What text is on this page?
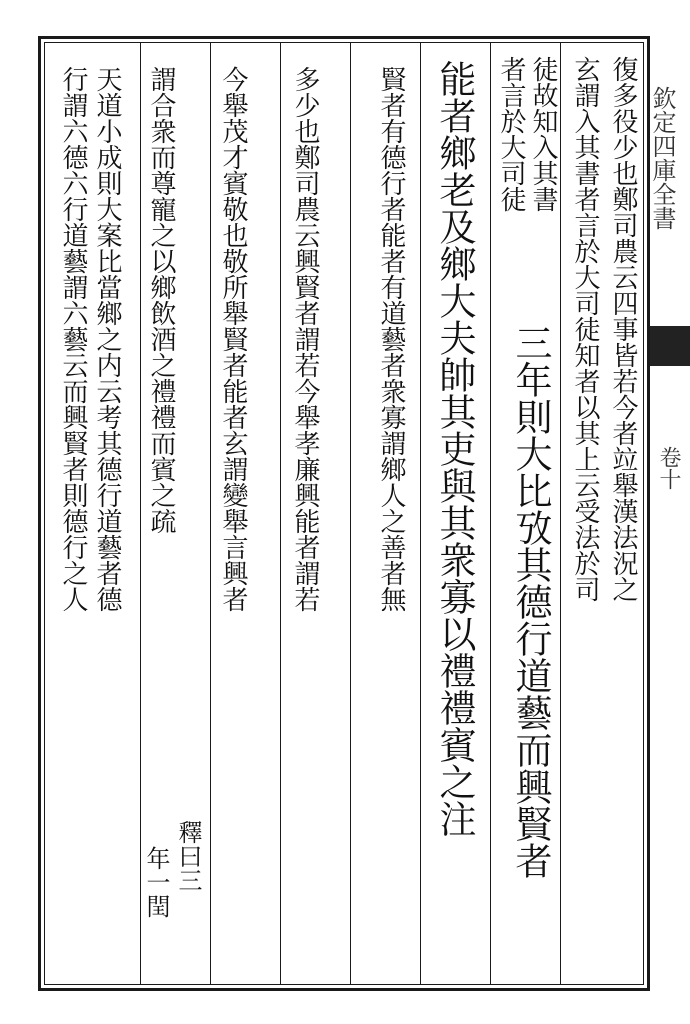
欽定四庫全書
卷十
復多役少也鄭司農云四事皆若今者竝舉漢法況之
玄謂入其書者言於大司徒知者以其上云受法於司
徒故知入其書
者言於大司徒
三年則大比攷其德行道藝而興賢者
能者鄉老及鄉大夫帥其吏與其衆寡以禮禮賓之注
賢者有德行者能者有道藝者衆寡謂鄉人之善者無
多少也鄭司農云興賢者謂若今舉孝廉興能者謂若
今舉茂才賓敬也敬所舉賢者能者玄謂變舉言興者
謂合衆而尊寵之以鄉飲酒之禮禮而賓之疏
釋曰三
年一閏
天道小成則大案比當鄉之内云考其德行道藝者德
行謂六德六行道藝謂六藝云而興賢者則德行之人
